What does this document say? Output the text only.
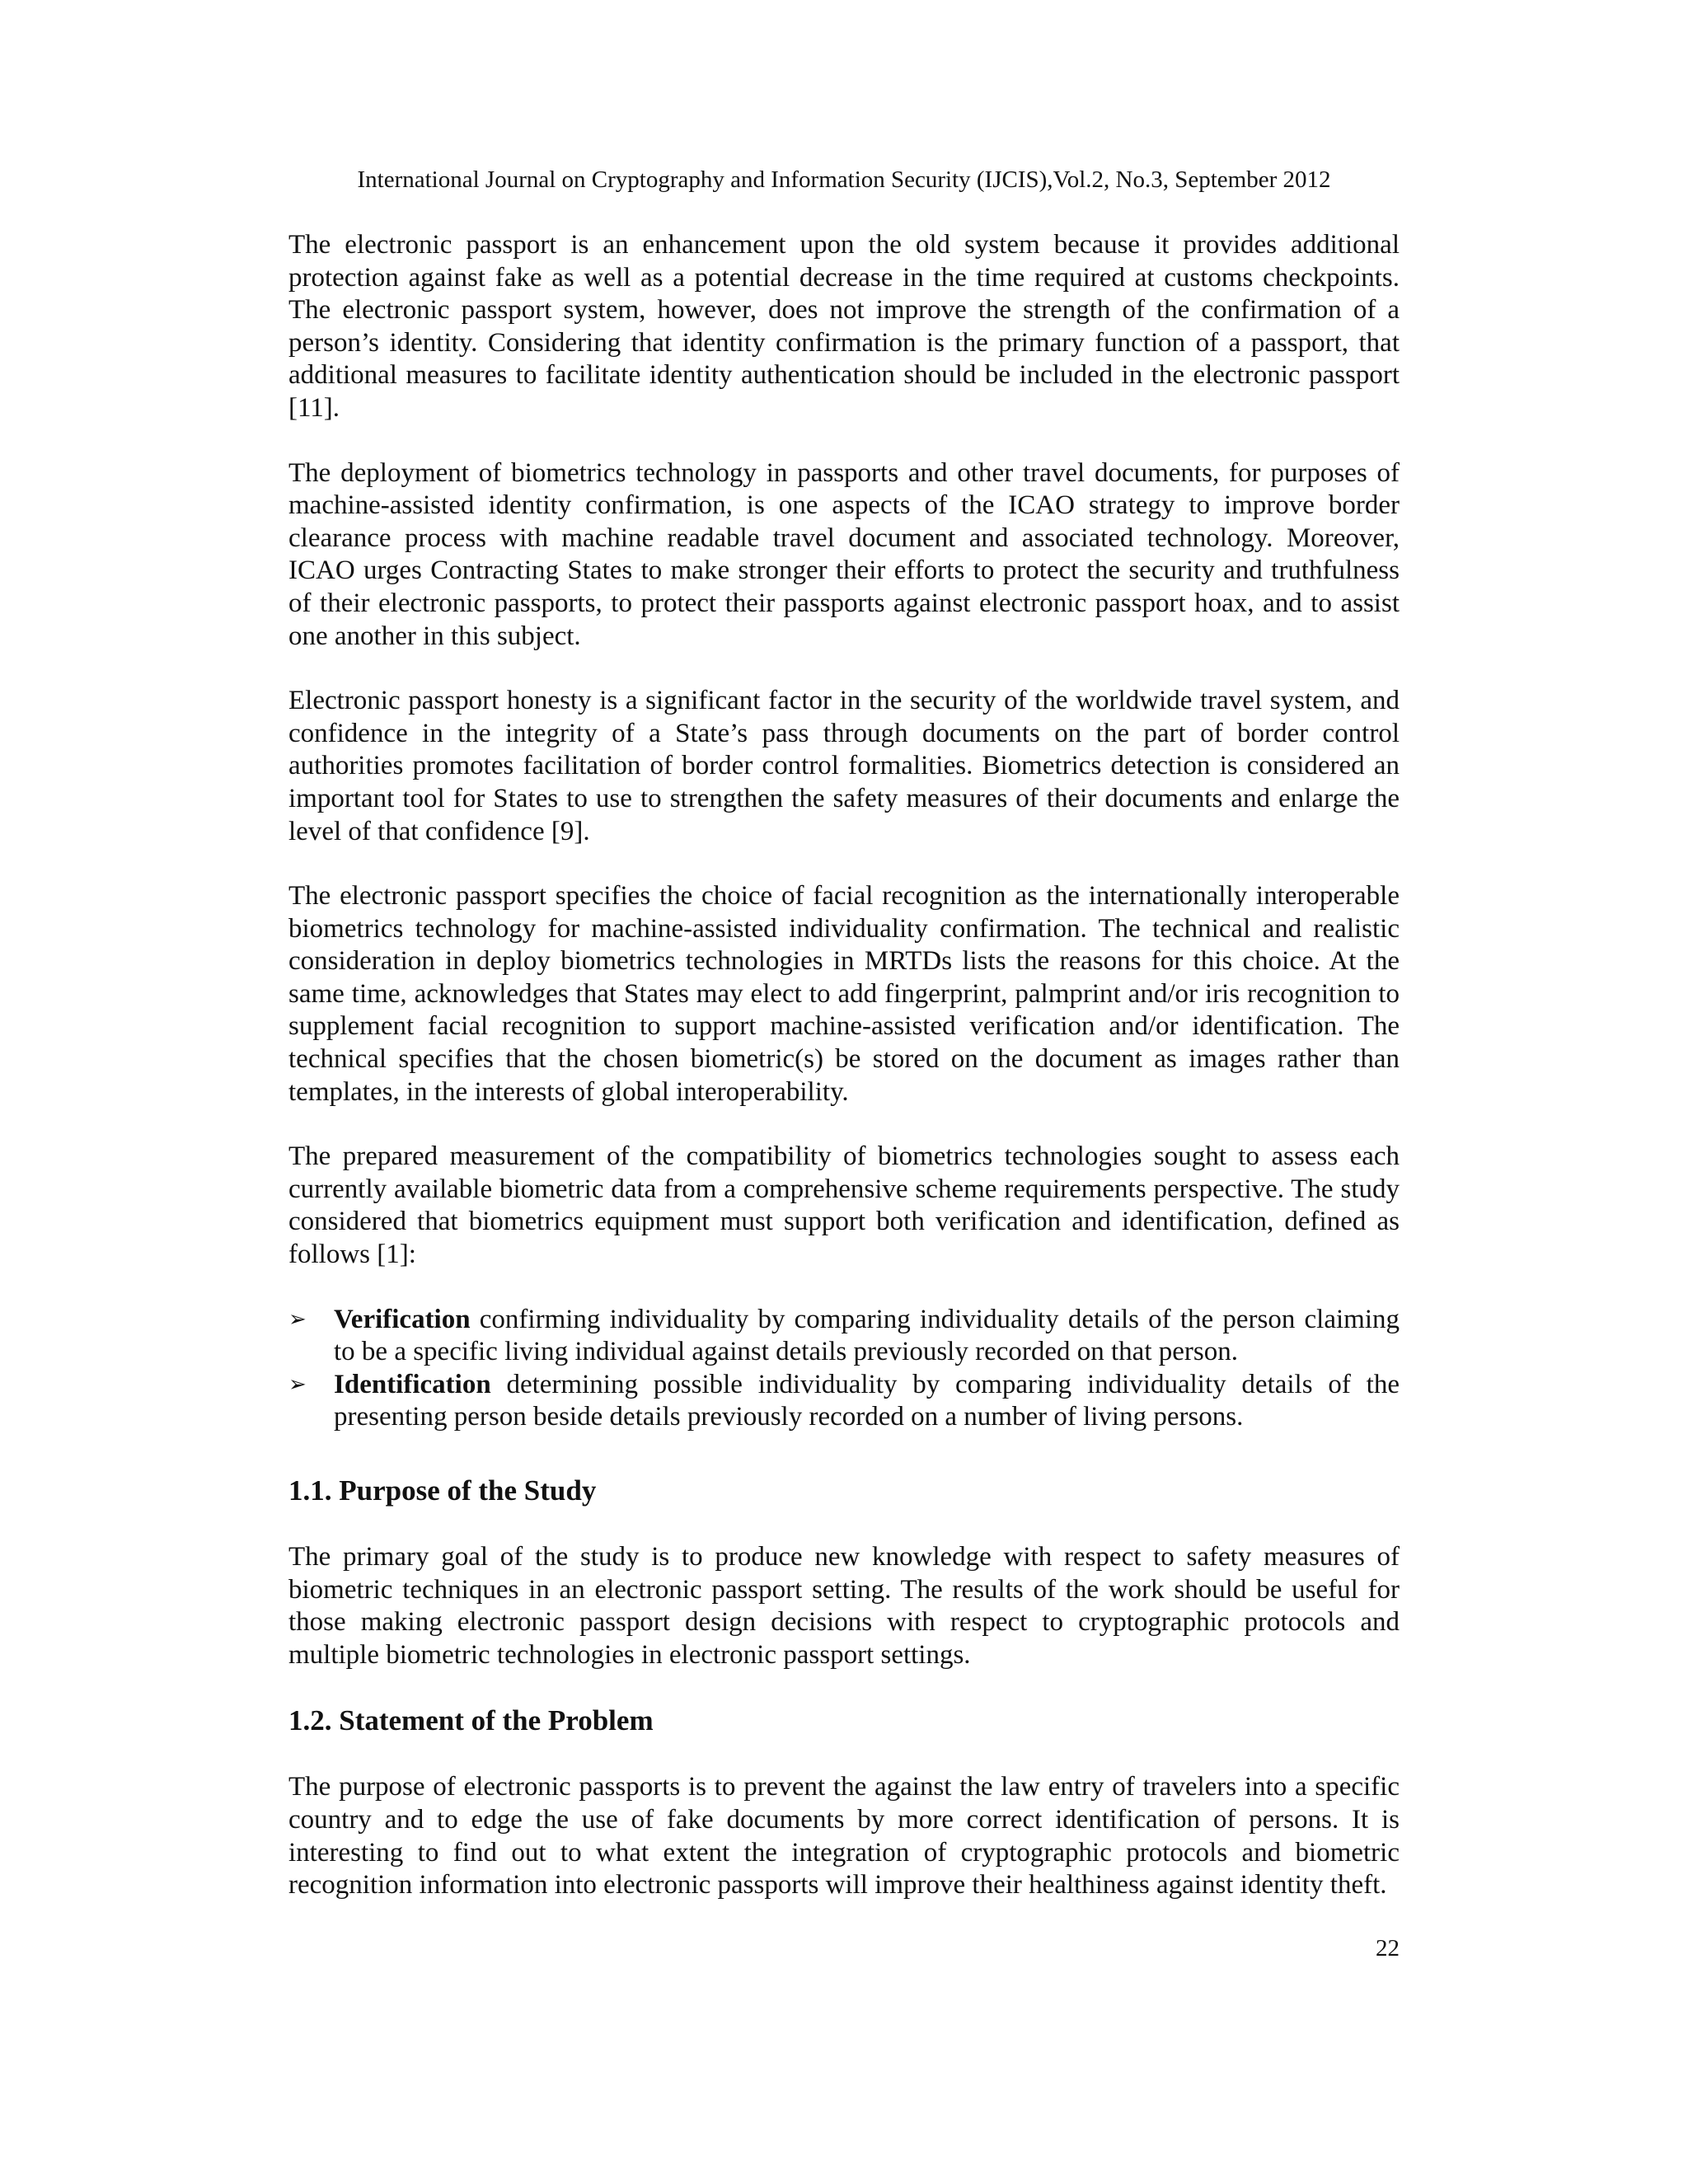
International Journal on Cryptography and Information Security (IJCIS),Vol.2, No.3, September 2012

The electronic passport is an enhancement upon the old system because it provides additional protection against fake as well as a potential decrease in the time required at customs checkpoints. The electronic passport system, however, does not improve the strength of the confirmation of a person’s identity. Considering that identity confirmation is the primary function of a passport, that additional measures to facilitate identity authentication should be included in the electronic passport [11].

The deployment of biometrics technology in passports and other travel documents, for purposes of machine-assisted identity confirmation, is one aspects of the ICAO strategy to improve border clearance process with machine readable travel document and associated technology. Moreover, ICAO urges Contracting States to make stronger their efforts to protect the security and truthfulness of their electronic passports, to protect their passports against electronic passport hoax, and to assist one another in this subject.

Electronic passport honesty is a significant factor in the security of the worldwide travel system, and confidence in the integrity of a State’s pass through documents on the part of border control authorities promotes facilitation of border control formalities. Biometrics detection is considered an important tool for States to use to strengthen the safety measures of their documents and enlarge the level of that confidence [9].

The electronic passport specifies the choice of facial recognition as the internationally interoperable biometrics technology for machine-assisted individuality confirmation. The technical and realistic consideration in deploy biometrics technologies in MRTDs lists the reasons for this choice. At the same time, acknowledges that States may elect to add fingerprint, palmprint and/or iris recognition to supplement facial recognition to support machine-assisted verification and/or identification. The technical specifies that the chosen biometric(s) be stored on the document as images rather than templates, in the interests of global interoperability.

The prepared measurement of the compatibility of biometrics technologies sought to assess each currently available biometric data from a comprehensive scheme requirements perspective. The study considered that biometrics equipment must support both verification and identification, defined as follows [1]:

➢ Verification confirming individuality by comparing individuality details of the person claiming to be a specific living individual against details previously recorded on that person.
➢ Identification determining possible individuality by comparing individuality details of the presenting person beside details previously recorded on a number of living persons.
1.1. Purpose of the Study

The primary goal of the study is to produce new knowledge with respect to safety measures of biometric techniques in an electronic passport setting. The results of the work should be useful for those making electronic passport design decisions with respect to cryptographic protocols and multiple biometric technologies in electronic passport settings.

1.2. Statement of the Problem

The purpose of electronic passports is to prevent the against the law entry of travelers into a specific country and to edge the use of fake documents by more correct identification of persons. It is interesting to find out to what extent the integration of cryptographic protocols and biometric recognition information into electronic passports will improve their healthiness against identity theft.

22
